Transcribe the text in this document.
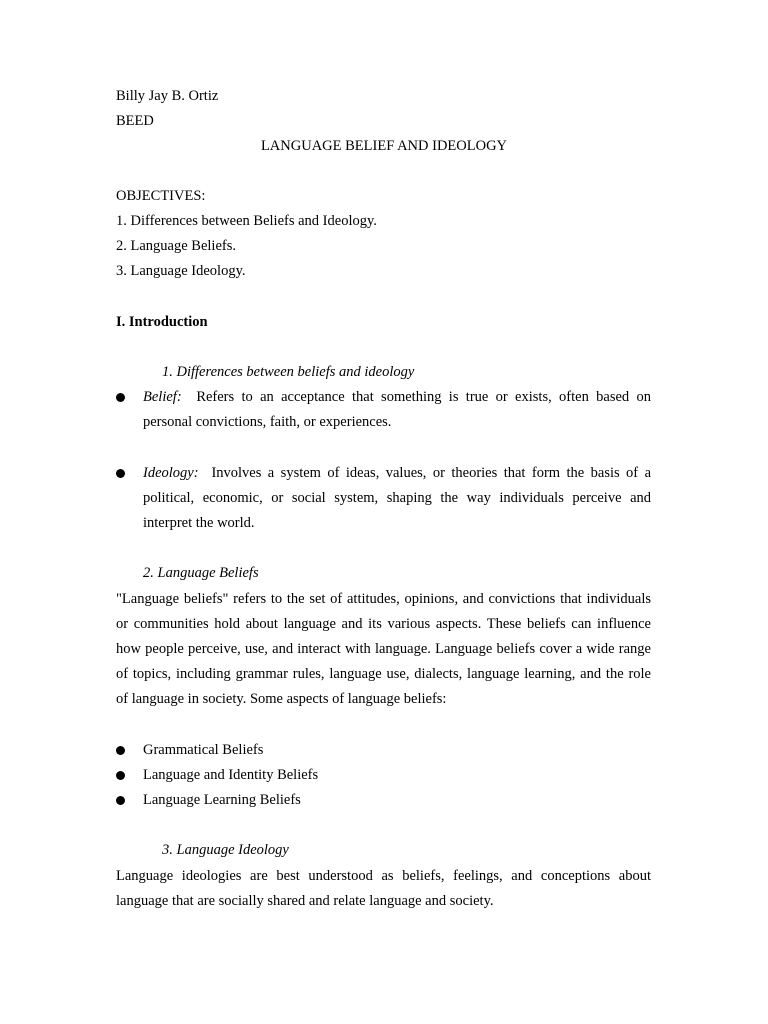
Billy Jay B. Ortiz
BEED
LANGUAGE BELIEF AND IDEOLOGY
OBJECTIVES:
1. Differences between Beliefs and Ideology.
2. Language Beliefs.
3. Language Ideology.
I. Introduction
1. Differences between beliefs and ideology
Belief: Refers to an acceptance that something is true or exists, often based on personal convictions, faith, or experiences.
Ideology: Involves a system of ideas, values, or theories that form the basis of a political, economic, or social system, shaping the way individuals perceive and interpret the world.
2. Language Beliefs
"Language beliefs" refers to the set of attitudes, opinions, and convictions that individuals or communities hold about language and its various aspects. These beliefs can influence how people perceive, use, and interact with language. Language beliefs cover a wide range of topics, including grammar rules, language use, dialects, language learning, and the role of language in society. Some aspects of language beliefs:
Grammatical Beliefs
Language and Identity Beliefs
Language Learning Beliefs
3. Language Ideology
Language ideologies are best understood as beliefs, feelings, and conceptions about language that are socially shared and relate language and society.
